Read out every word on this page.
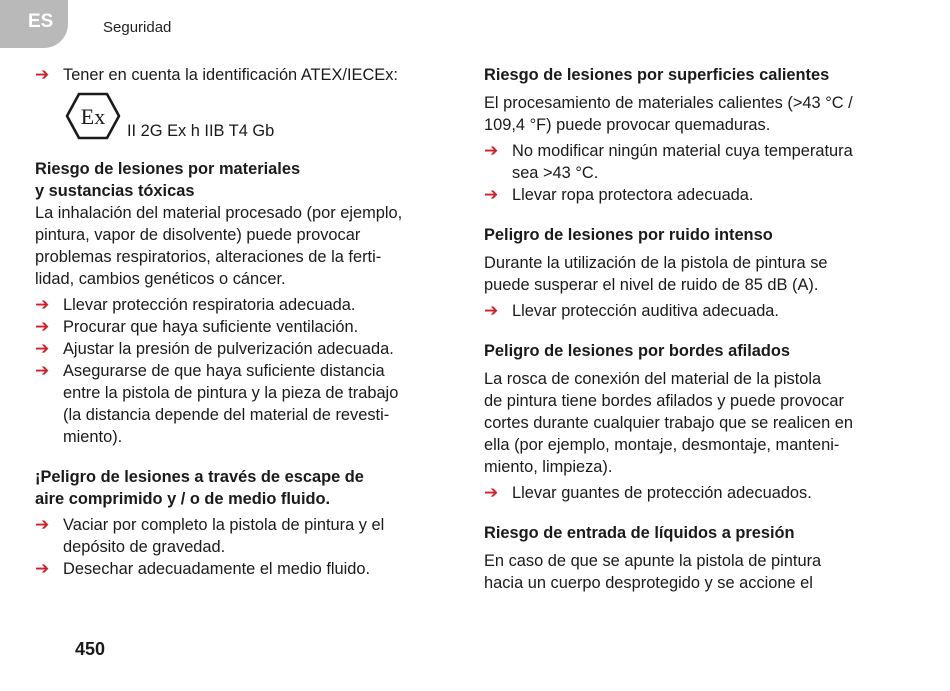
ES	Seguridad
➔ Tener en cuenta la identificación ATEX/IECEx:
Ex
II 2G Ex h IIB T4 Gb

Riesgo de lesiones por materiales
y sustancias tóxicas

La inhalación del material procesado (por ejemplo,
pintura, vapor de disolvente) puede provocar
problemas respiratorios, alteraciones de la ferti-
lidad, cambios genéticos o cáncer.

➔ Llevar protección respiratoria adecuada.
➔ Procurar que haya suficiente ventilación.
➔ Ajustar la presión de pulverización adecuada.
➔ Asegurarse de que haya suficiente distancia
entre la pistola de pintura y la pieza de trabajo
(la distancia depende del material de revesti-
miento).

¡Peligro de lesiones a través de escape de
aire comprimido y / o de medio fluido.

➔ Vaciar por completo la pistola de pintura y el
depósito de gravedad.
➔ Desechar adecuadamente el medio fluido.

Riesgo de lesiones por superficies calientes

El procesamiento de materiales calientes (>43 °C /
109,4 °F) puede provocar quemaduras.

➔ No modificar ningún material cuya temperatura
sea >43 °C.
➔ Llevar ropa protectora adecuada.

Peligro de lesiones por ruido intenso

Durante la utilización de la pistola de pintura se
puede susperar el nivel de ruido de 85 dB (A).

➔ Llevar protección auditiva adecuada.

Peligro de lesiones por bordes afilados

La rosca de conexión del material de la pistola
de pintura tiene bordes afilados y puede provocar
cortes durante cualquier trabajo que se realicen en
ella (por ejemplo, montaje, desmontaje, manteni-
miento, limpieza).

➔ Llevar guantes de protección adecuados.

Riesgo de entrada de líquidos a presión

En caso de que se apunte la pistola de pintura
hacia un cuerpo desprotegido y se accione el

450
